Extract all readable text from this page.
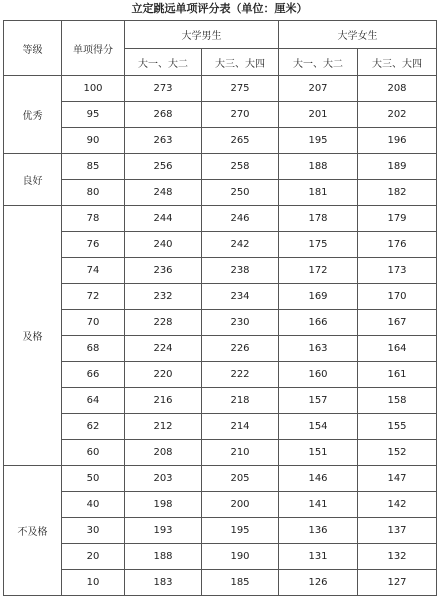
立定跳远单项评分表（单位：厘米）
等级	单项得分	大学男生		大学女生	
		大一、大二	大三、大四	大一、大二	大三、大四
优秀	100	273	275	207	208
	95	268	270	201	202
	90	263	265	195	196
良好	85	256	258	188	189
	80	248	250	181	182
及格	78	244	246	178	179
	76	240	242	175	176
	74	236	238	172	173
	72	232	234	169	170
	70	228	230	166	167
	68	224	226	163	164
	66	220	222	160	161
	64	216	218	157	158
	62	212	214	154	155
	60	208	210	151	152
不及格	50	203	205	146	147
	40	198	200	141	142
	30	193	195	136	137
	20	188	190	131	132
	10	183	185	126	127
